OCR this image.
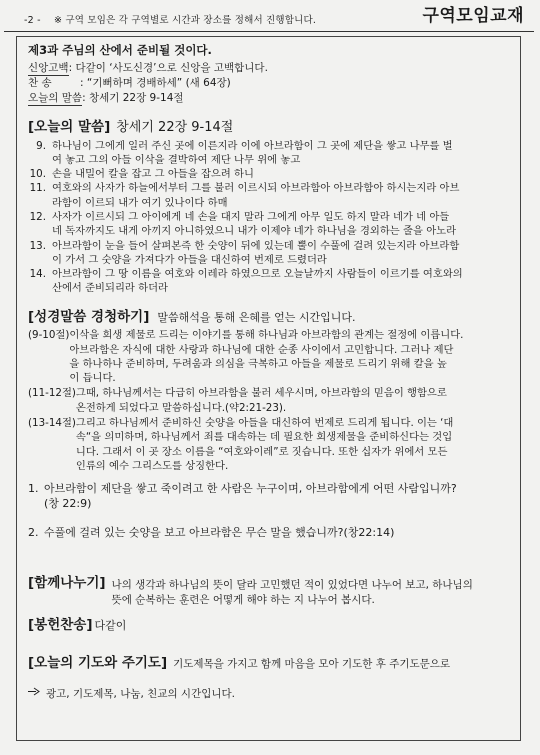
-2 - ※ 구역 모임은 각 구역별로 시간과 장소를 정해서 진행합니다.	구역모임교재
제3과 주님의 산에서 준비될 것이다.
신앙고백 : 다같이 ‘사도신경’으로 신앙을 고백합니다.
찬 송	: “기뻐하며 경배하세” (새 64장)
오늘의 말씀 : 창세기 22장 9-14절
[오늘의 말씀] 창세기 22장 9-14절
9. 하나님이 그에게 일러 주신 곳에 이른지라 이에 아브라함이 그 곳에 제단을 쌓고 나무를 벌
여 놓고 그의 아들 이삭을 결박하여 제단 나무 위에 놓고
10. 손을 내밀어 칼을 잡고 그 아들을 잡으려 하니
11. 여호와의 사자가 하늘에서부터 그를 불러 이르시되 아브라함아 아브라함아 하시는지라 아브
라함이 이르되 내가 여기 있나이다 하매
12. 사자가 이르시되 그 아이에게 네 손을 대지 말라 그에게 아무 일도 하지 말라 네가 네 아들
네 독자까지도 내게 아끼지 아니하였으니 내가 이제야 네가 하나님을 경외하는 줄을 아노라
13. 아브라함이 눈을 들어 살펴본즉 한 숫양이 뒤에 있는데 뿔이 수풀에 걸려 있는지라 아브라함
이 가서 그 숫양을 가져다가 아들을 대신하여 번제로 드렸더라
14. 아브라함이 그 땅 이름을 여호와 이레라 하였으므로 오늘날까지 사람들이 이르기를 여호와의
산에서 준비되리라 하더라
[성경말씀 경청하기] 말씀해석을 통해 은혜를 얻는 시간입니다.
(9-10절) 이삭을 희생 제물로 드리는 이야기를 통해 하나님과 아브라함의 관계는 절정에 이릅니다.
아브라함은 자식에 대한 사랑과 하나님에 대한 순종 사이에서 고민합니다. 그러나 제단
을 하나하나 준비하며, 두려움과 의심을 극복하고 아들을 제물로 드리기 위해 칼을 높
이 듭니다.
(11-12절) 그때, 하나님께서는 다급히 아브라함을 불러 세우시며, 아브라함의 믿음이 행함으로
온전하게 되었다고 말씀하십니다.(약2:21-23).
(13-14절) 그리고 하나님께서 준비하신 숫양을 아들을 대신하여 번제로 드리게 됩니다. 이는 ‘대
속“을 의미하며, 하나님께서 죄를 대속하는 데 필요한 희생제물을 준비하신다는 것입
니다. 그래서 이 곳 장소 이름을 “여호와이레”로 짓습니다. 또한 십자가 위에서 모든
인류의 예수 그리스도를 상징한다.
1. 아브라함이 제단을 쌓고 죽이려고 한 사람은 누구이며, 아브라함에게 어떤 사람입니까?
(창 22:9)
2. 수풀에 걸려 있는 숫양을 보고 아브라함은 무슨 말을 했습니까?(창22:14)
[함께나누기] 나의 생각과 하나님의 뜻이 달라 고민했던 적이 있었다면 나누어 보고, 하나님의
뜻에 순복하는 훈련은 어떻게 해야 하는 지 나누어 봅시다.
[봉헌찬송] 다같이
[오늘의 기도와 주기도] 기도제목을 가지고 함께 마음을 모아 기도한 후 주기도문으로
광고, 기도제목, 나눔, 친교의 시간입니다.
